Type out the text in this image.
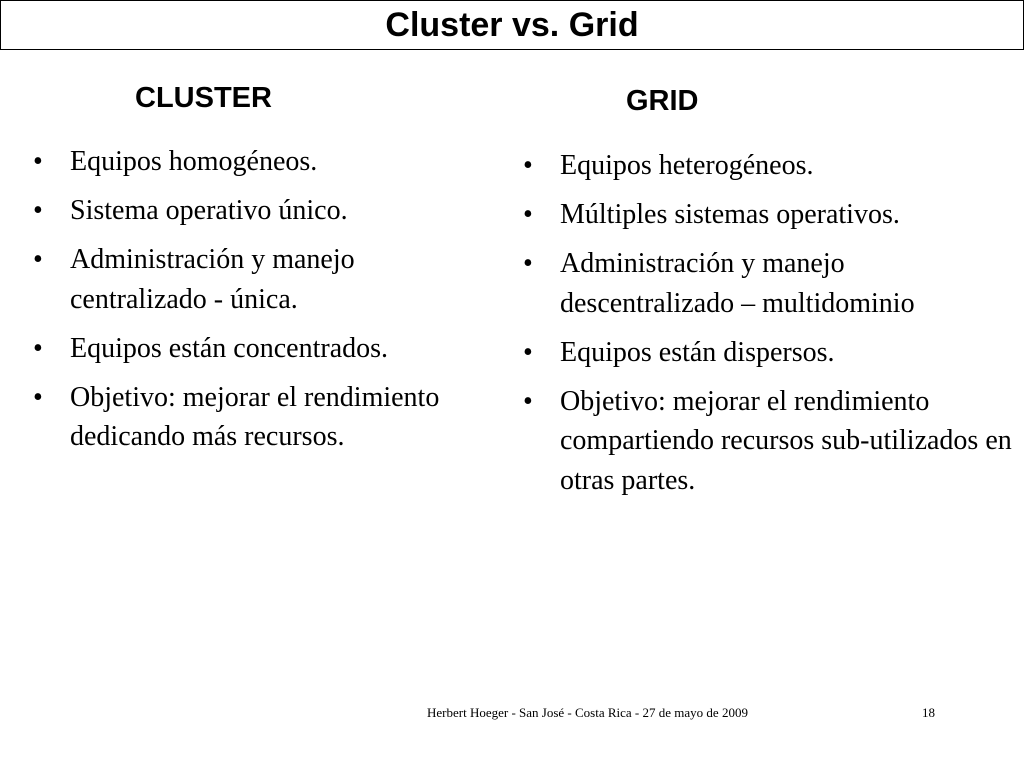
Cluster vs. Grid
CLUSTER	GRID
• Equipos homogéneos.
• Sistema operativo único.
• Administración y manejo centralizado - única.
• Equipos están concentrados.
• Objetivo: mejorar el rendimiento dedicando más recursos.
• Equipos heterogéneos.
• Múltiples sistemas operativos.
• Administración y manejo descentralizado – multidominio
• Equipos están dispersos.
• Objetivo: mejorar el rendimiento compartiendo recursos sub-utilizados en otras partes.
Herbert Hoeger - San José - Costa Rica - 27 de mayo de 2009	18
